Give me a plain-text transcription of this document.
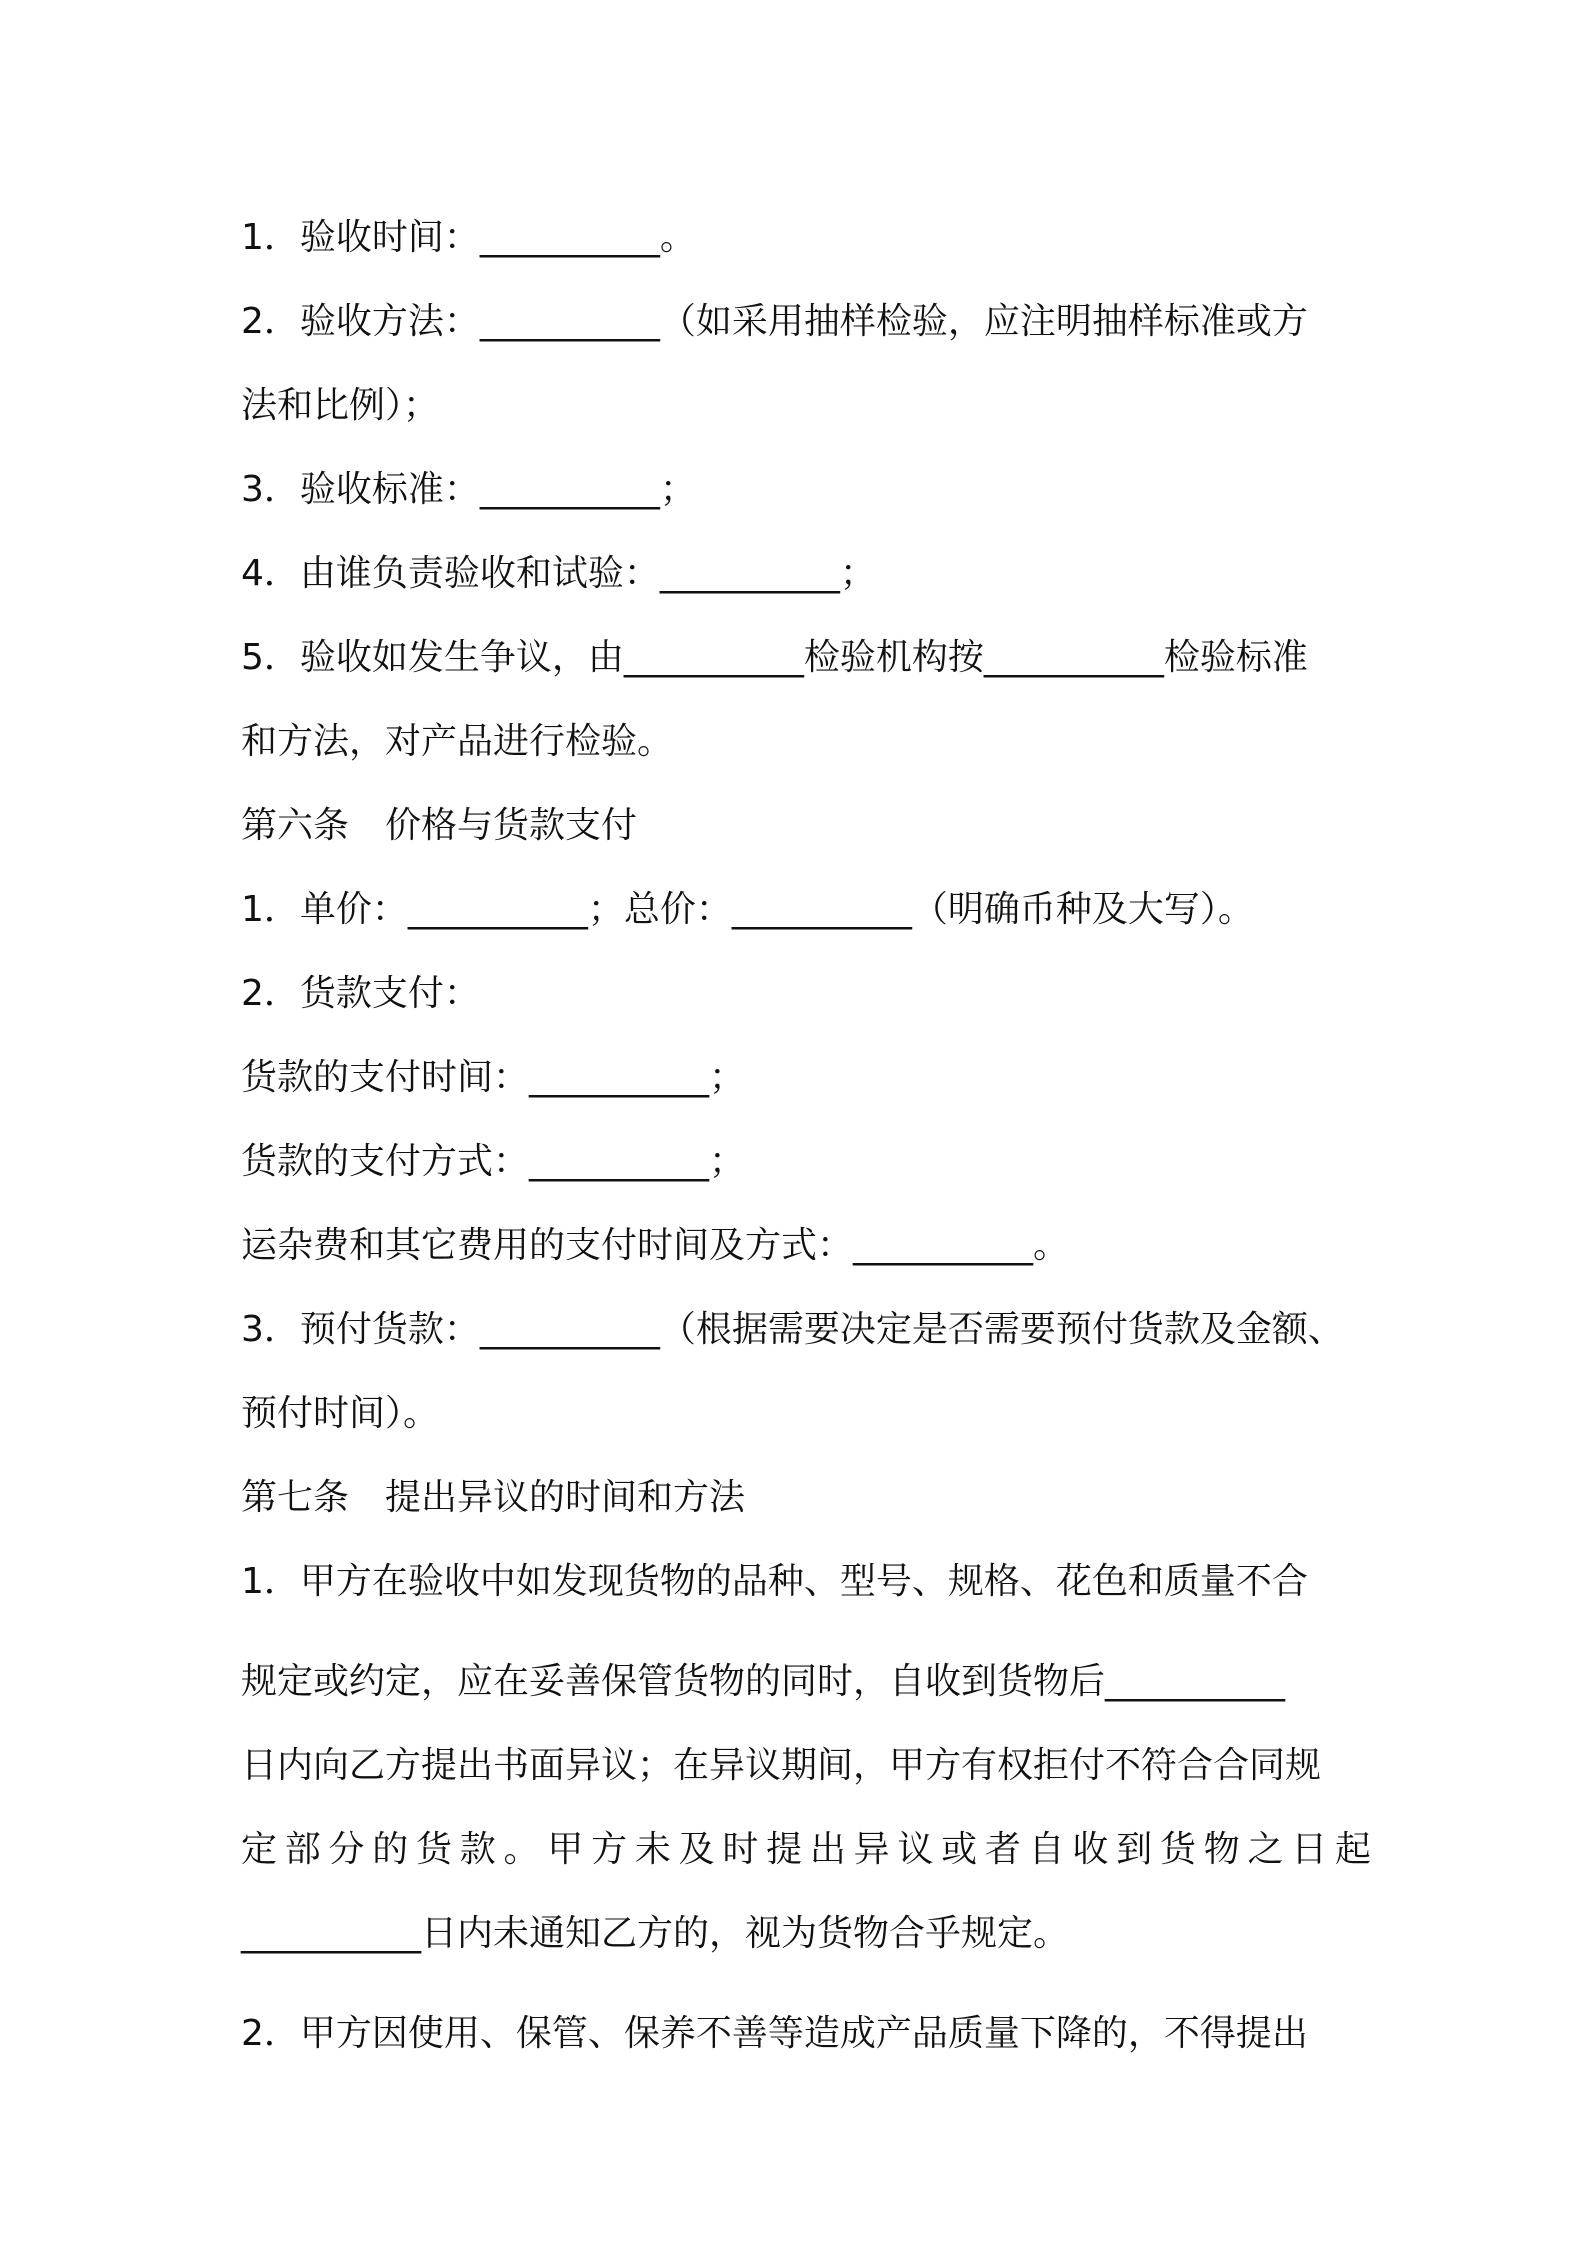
1．验收时间：__________。
2．验收方法：__________（如采用抽样检验，应注明抽样标准或方
法和比例）；
3．验收标准：__________；
4．由谁负责验收和试验：__________；
5．验收如发生争议，由__________检验机构按__________检验标准
和方法，对产品进行检验。
第六条　价格与货款支付
1．单价：__________；总价：__________（明确币种及大写）。
2．货款支付：
货款的支付时间：__________；
货款的支付方式：__________；
运杂费和其它费用的支付时间及方式：__________。
3．预付货款：__________（根据需要决定是否需要预付货款及金额、
预付时间）。
第七条　提出异议的时间和方法
1．甲方在验收中如发现货物的品种、型号、规格、花色和质量不合
规定或约定，应在妥善保管货物的同时，自收到货物后__________
日内向乙方提出书面异议；在异议期间，甲方有权拒付不符合合同规
定部分的货款。甲方未及时提出异议或者自收到货物之日起
__________日内未通知乙方的，视为货物合乎规定。
2．甲方因使用、保管、保养不善等造成产品质量下降的，不得提出
